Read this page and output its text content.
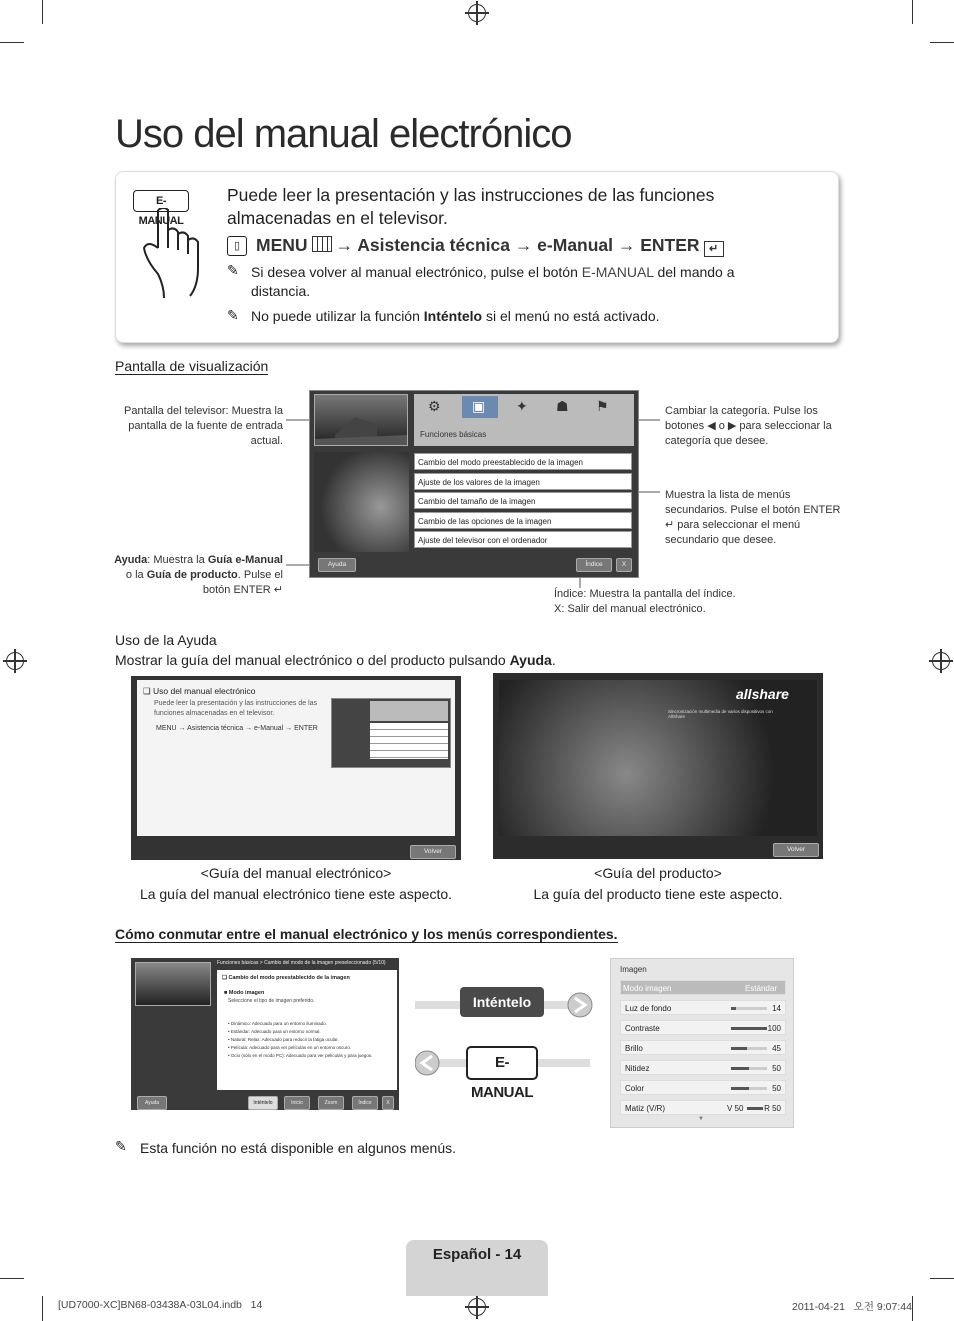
Uso del manual electrónico
E-MANUAL
Puede leer la presentación y las instrucciones de las funciones almacenadas en el televisor.
▯ MENU → Asistencia técnica → e-Manual → ENTER ↵
✎ Si desea volver al manual electrónico, pulse el botón E-MANUAL del mando a distancia.
✎ No puede utilizar la función Inténtelo si el menú no está activado.
Pantalla de visualización
Pantalla del televisor: Muestra la pantalla de la fuente de entrada actual.
Cambiar la categoría. Pulse los botones ◀ o ▶ para seleccionar la categoría que desee.
Muestra la lista de menús secundarios. Pulse el botón ENTER ↵ para seleccionar el menú secundario que desee.
Ayuda: Muestra la Guía e-Manual o la Guía de producto. Pulse el botón ENTER ↵	Índice: Muestra la pantalla del índice.
X: Salir del manual electrónico.
⚙ ▣ ✦ ☗ ⚑
Funciones básicas
Cambio del modo preestablecido de la imagen
Ajuste de los valores de la imagen
Cambio del tamaño de la imagen
Cambio de las opciones de la imagen
Ajuste del televisor con el ordenador
Ayuda	Índice	X
Uso de la Ayuda
Mostrar la guía del manual electrónico o del producto pulsando Ayuda.
❑ Uso del manual electrónico
Puede leer la presentación y las instrucciones de las funciones almacenadas en el televisor.
MENU → Asistencia técnica → e-Manual → ENTER
Volver
allshare
Sincronización multimedia de varios dispositivos con AllShare
Volver
<Guía del manual electrónico>
La guía del manual electrónico tiene este aspecto.
<Guía del producto>
La guía del producto tiene este aspecto.
Cómo conmutar entre el manual electrónico y los menús correspondientes.
Funciones básicas > Cambio del modo de la imagen preseleccionado (5/10)
❑ Cambio del modo preestablecido de la imagen
■ Modo imagen
Seleccione el tipo de imagen preferido.
• Dinámico: Adecuado para un entorno iluminado.
• Estándar: Adecuado para un entorno normal.
• Natural: Relax: Adecuado para reducir la fatiga ocular.
• Película: Adecuado para ver películas en un entorno oscuro.
• Ocio (sólo en el modo PC): Adecuado para ver películas y para juegos.
Ayuda	Inténtelo	Inicio	Zoom	Índice	X
Inténtelo
E-MANUAL
Imagen
Modo imagen	Estándar
Luz de fondo	14
Contraste	100
Brillo	45
Nitidez	50
Color	50
Matiz (V/R)	V 50	R 50
▼
✎ Esta función no está disponible en algunos menús.
Español - 14
[UD7000-XC]BN68-03438A-03L04.indb   14	2011-04-21   오전 9:07:44
